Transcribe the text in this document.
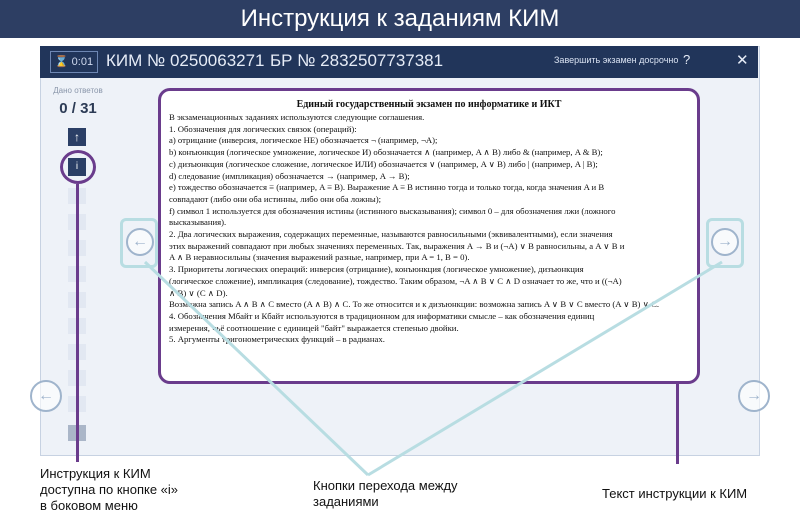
Инструкция к заданиям КИМ
⌛ 0:01 КИМ № 0250063271 БР № 2832507737381	Завершить экзамен досрочно ?	✕
Дано ответов
0 / 31
↑
i
Единый государственный экзамен по информатике и ИКТ
В экзаменационных заданиях используются следующие соглашения.
1. Обозначения для логических связок (операций):
a) отрицание (инверсия, логическое НЕ) обозначается ¬ (например, ¬A);
b) конъюнкция (логическое умножение, логическое И) обозначается ∧ (например, A ∧ B) либо & (например, A & B);
c) дизъюнкция (логическое сложение, логическое ИЛИ) обозначается ∨ (например, A ∨ B) либо | (например, A | B);
d) следование (импликация) обозначается → (например, A → B);
e) тождество обозначается ≡ (например, A ≡ B). Выражение A ≡ B истинно тогда и только тогда, когда значения A и B
совпадают (либо они оба истинны, либо они оба ложны);
f) символ 1 используется для обозначения истины (истинного высказывания); символ 0 – для обозначения лжи (ложного
высказывания).
2. Два логических выражения, содержащих переменные, называются равносильными (эквивалентными), если значения
этих выражений совпадают при любых значениях переменных. Так, выражения A → B и (¬A) ∨ B равносильны, а A ∨ B и
A ∧ B неравносильны (значения выражений разные, например, при A = 1, B = 0).
3. Приоритеты логических операций: инверсия (отрицание), конъюнкция (логическое умножение), дизъюнкция
(логическое сложение), импликация (следование), тождество. Таким образом, ¬A ∧ B ∨ C ∧ D означает то же, что и ((¬A)
∧ B) ∨ (C ∧ D).
Возможна запись A ∧ B ∧ C вместо (A ∧ B) ∧ C. То же относится и к дизъюнкции: возможна запись A ∨ B ∨ C вместо (A ∨ B) ∨ C.
4. Обозначения Мбайт и Кбайт используются в традиционном для информатики смысле – как обозначения единиц
измерения, чьё соотношение с единицей "байт" выражается степенью двойки.
5. Аргументы тригонометрических функций – в радианах.
←	→
←	→
Инструкция к КИМ
доступна по кнопке «i»
в боковом меню
Кнопки перехода между
заданиями
Текст инструкции к КИМ
